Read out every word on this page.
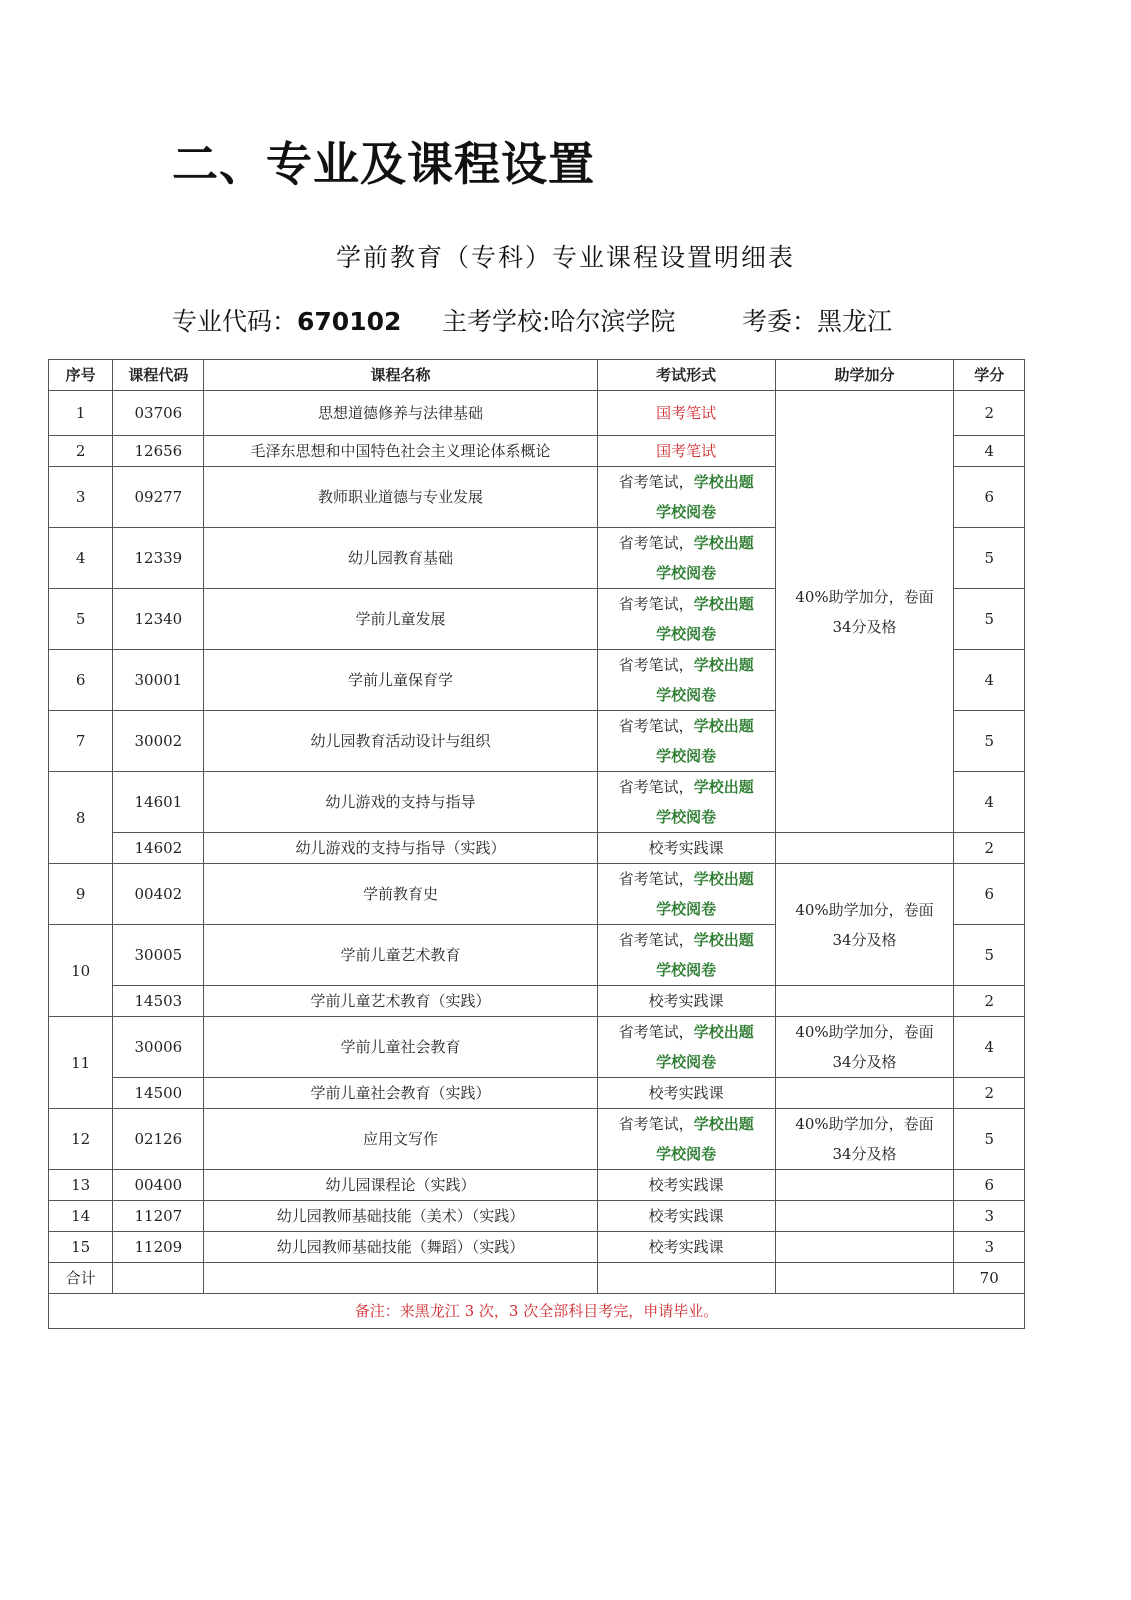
二、专业及课程设置
学前教育（专科）专业课程设置明细表
专业代码：670102 主考学校:哈尔滨学院	考委：黑龙江
序号	课程代码	课程名称	考试形式	助学加分	学分
1	03706	思想道德修养与法律基础	国考笔试	40%助学加分，卷面34分及格	2
2	12656	毛泽东思想和中国特色社会主义理论体系概论	国考笔试		4
3	09277	教师职业道德与专业发展	省考笔试，学校出题
学校阅卷		6
4	12339	幼儿园教育基础	省考笔试，学校出题
学校阅卷		5
5	12340	学前儿童发展	省考笔试，学校出题
学校阅卷		5
6	30001	学前儿童保育学	省考笔试，学校出题
学校阅卷		4
7	30002	幼儿园教育活动设计与组织	省考笔试，学校出题
学校阅卷		5
8	14601	幼儿游戏的支持与指导	省考笔试，学校出题
学校阅卷		4
	14602	幼儿游戏的支持与指导（实践）	校考实践课		2
9	00402	学前教育史	省考笔试，学校出题
学校阅卷	40%助学加分，卷面34分及格	6
10	30005	学前儿童艺术教育	省考笔试，学校出题
学校阅卷		5
	14503	学前儿童艺术教育（实践）	校考实践课		2
11	30006	学前儿童社会教育	省考笔试，学校出题
学校阅卷	40%助学加分，卷面34分及格	4
	14500	学前儿童社会教育（实践）	校考实践课		2
12	02126	应用文写作	省考笔试，学校出题
学校阅卷	40%助学加分，卷面34分及格	5
13	00400	幼儿园课程论（实践）	校考实践课		6
14	11207	幼儿园教师基础技能（美术）（实践）	校考实践课		3
15	11209	幼儿园教师基础技能（舞蹈）（实践）	校考实践课		3
合计					70
备注：来黑龙江 3 次，3 次全部科目考完，申请毕业。					
